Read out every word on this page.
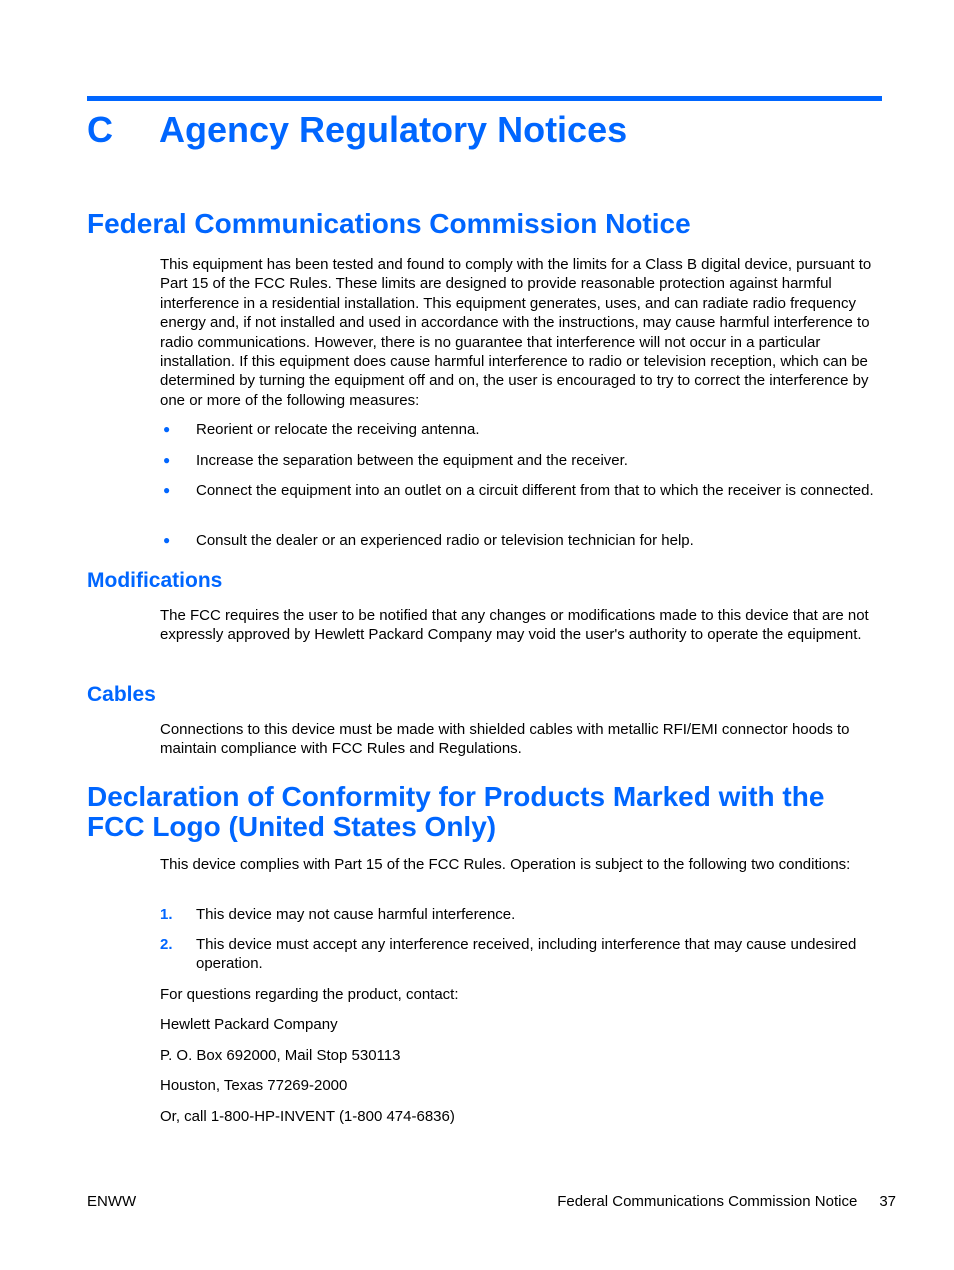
C Agency Regulatory Notices
Federal Communications Commission Notice

This equipment has been tested and found to comply with the limits for a Class B digital device, pursuant to Part 15 of the FCC Rules. These limits are designed to provide reasonable protection against harmful interference in a residential installation. This equipment generates, uses, and can radiate radio frequency energy and, if not installed and used in accordance with the instructions, may cause harmful interference to radio communications. However, there is no guarantee that interference will not occur in a particular installation. If this equipment does cause harmful interference to radio or television reception, which can be determined by turning the equipment off and on, the user is encouraged to try to correct the interference by one or more of the following measures:

● Reorient or relocate the receiving antenna.
● Increase the separation between the equipment and the receiver.
● Connect the equipment into an outlet on a circuit different from that to which the receiver is connected.
● Consult the dealer or an experienced radio or television technician for help.
Modifications

The FCC requires the user to be notified that any changes or modifications made to this device that are not expressly approved by Hewlett Packard Company may void the user's authority to operate the equipment.

Cables

Connections to this device must be made with shielded cables with metallic RFI/EMI connector hoods to maintain compliance with FCC Rules and Regulations.

Declaration of Conformity for Products Marked with the
FCC Logo (United States Only)

This device complies with Part 15 of the FCC Rules. Operation is subject to the following two conditions:

1. This device may not cause harmful interference.
2. This device must accept any interference received, including interference that may cause undesired operation.

For questions regarding the product, contact:

Hewlett Packard Company

P. O. Box 692000, Mail Stop 530113

Houston, Texas 77269-2000

Or, call 1-800-HP-INVENT (1-800 474-6836)

ENWW	Federal Communications Commission Notice 37
